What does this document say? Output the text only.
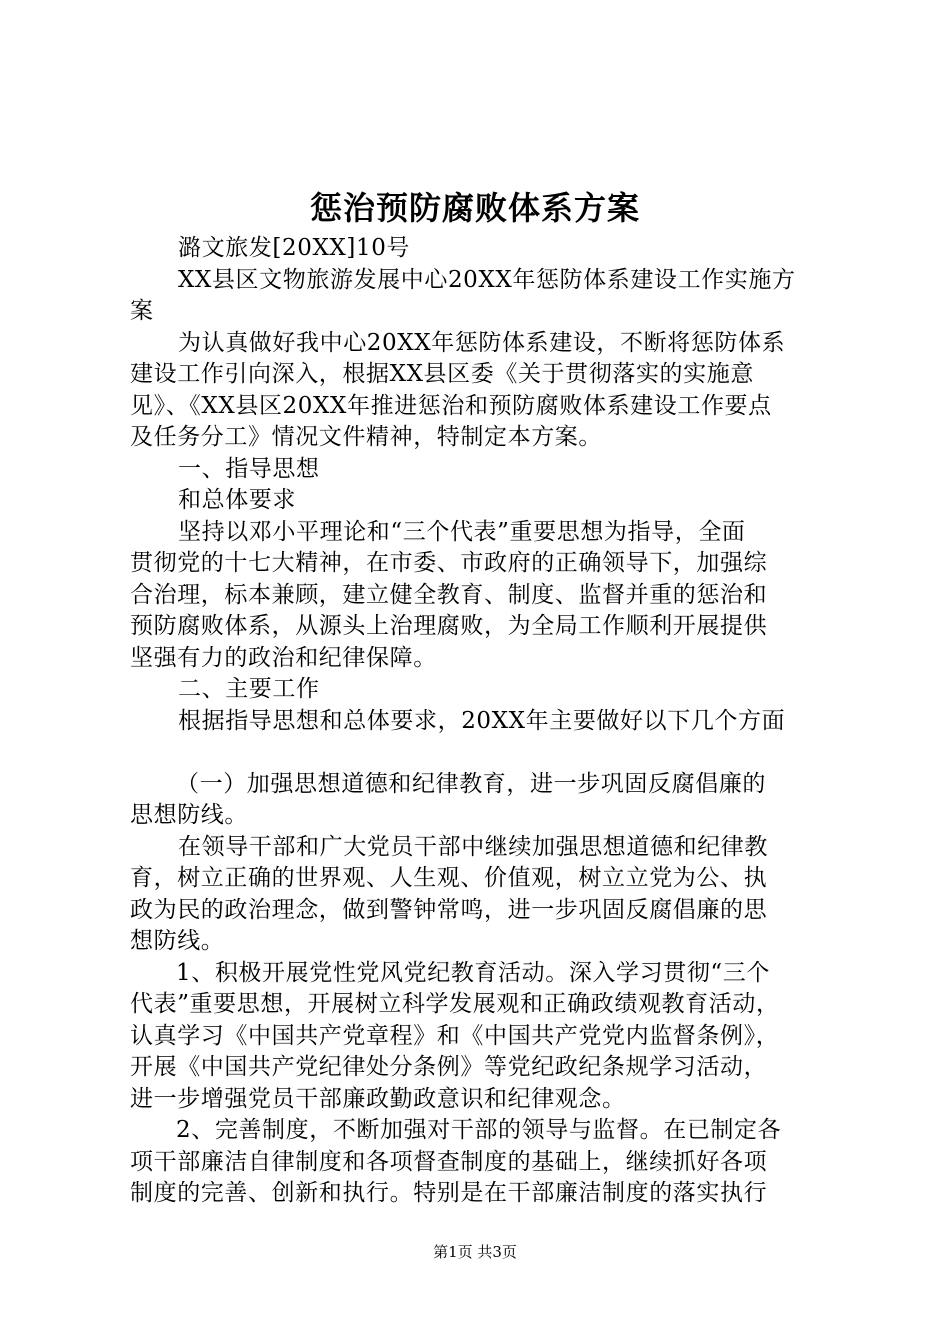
惩治预防腐败体系方案
潞文旅发[20XX]10号
XX县区文物旅游发展中心20XX年惩防体系建设工作实施方
案
为认真做好我中心20XX年惩防体系建设，不断将惩防体系
建设工作引向深入，根据XX县区委《关于贯彻落实的实施意
见》、《XX县区20XX年推进惩治和预防腐败体系建设工作要点
及任务分工》情况文件精神，特制定本方案。
一、指导思想
和总体要求
坚持以邓小平理论和“三个代表”重要思想为指导，全面
贯彻党的十七大精神，在市委、市政府的正确领导下，加强综
合治理，标本兼顾，建立健全教育、制度、监督并重的惩治和
预防腐败体系，从源头上治理腐败，为全局工作顺利开展提供
坚强有力的政治和纪律保障。
二、主要工作
根据指导思想和总体要求，20XX年主要做好以下几个方面
（一）加强思想道德和纪律教育，进一步巩固反腐倡廉的
思想防线。
在领导干部和广大党员干部中继续加强思想道德和纪律教
育，树立正确的世界观、人生观、价值观，树立立党为公、执
政为民的政治理念，做到警钟常鸣，进一步巩固反腐倡廉的思
想防线。
1、积极开展党性党风党纪教育活动。深入学习贯彻“三个
代表”重要思想，开展树立科学发展观和正确政绩观教育活动，
认真学习《中国共产党章程》和《中国共产党党内监督条例》，
开展《中国共产党纪律处分条例》等党纪政纪条规学习活动，
进一步增强党员干部廉政勤政意识和纪律观念。
2、完善制度，不断加强对干部的领导与监督。在已制定各
项干部廉洁自律制度和各项督查制度的基础上，继续抓好各项
制度的完善、创新和执行。特别是在干部廉洁制度的落实执行
第1页 共3页
